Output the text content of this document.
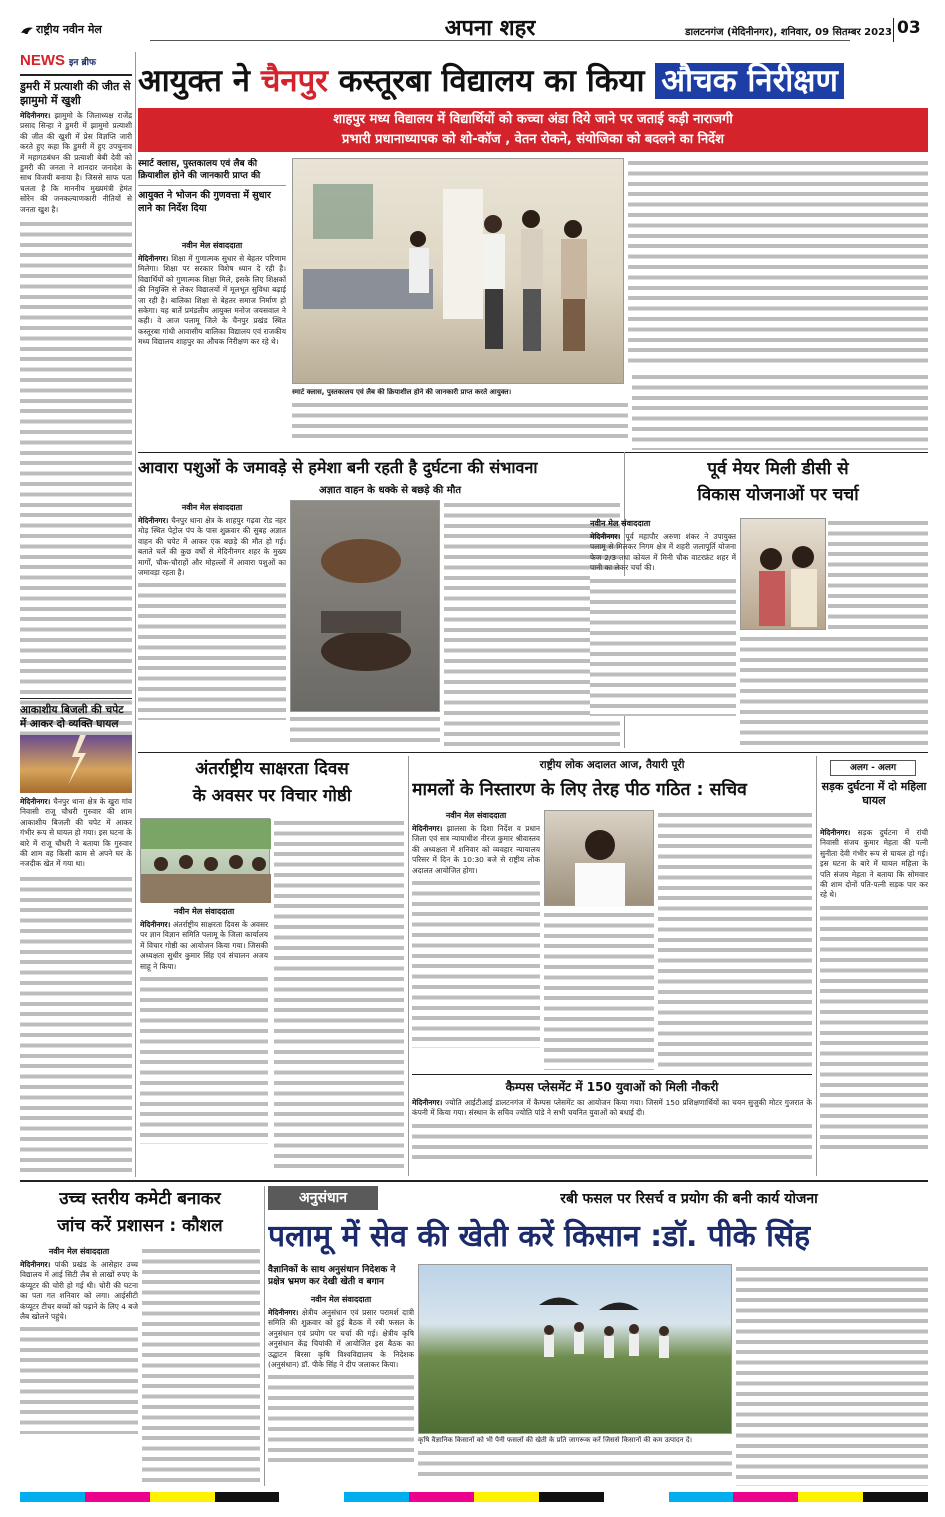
राष्ट्रीय नवीन मेल	अपना शहर	डालटनगंज (मेदिनीनगर), शनिवार, 09 सितम्बर 2023 03
NEWS इन ब्रीफ
डुमरी में प्रत्याशी की जीत से झामुमो में खुशी
मेदिनीनगर। झामुमो के जिलाध्यक्ष राजेंद्र प्रसाद सिन्हा ने डुमरी में झामुमो प्रत्याशी की जीत की खुशी में प्रेस विज्ञप्ति जारी करते हुए कहा कि डुमरी में हुए उपचुनाव में महागठबंधन की प्रत्याशी बेबी देवी को डुमरी की जनता ने शानदार जनादेश के साथ विजयी बनाया है। जिससे साफ पता चलता है कि माननीय मुख्यमंत्री हेमंत सोरेन की जनकल्याणकारी नीतियों से जनता खुश है।
आकाशीय बिजली की चपेट में आकर दो व्यक्ति घायल
मेदिनीनगर। चैनपुर थाना क्षेत्र के खुरा गांव निवासी राजू चौधरी गुरुवार की शाम आकाशीय बिजली की चपेट में आकर गंभीर रूप से घायल हो गया। इस घटना के बारे में राजू चौधरी ने बताया कि गुरुवार की शाम वह किसी काम से अपने घर के नजदीक खेत में गया था।
आयुक्त ने चैनपुर कस्तूरबा विद्यालय का किया औचक निरीक्षण
शाहपुर मध्य विद्यालय में विद्यार्थियों को कच्चा अंडा दिये जाने पर जताई कड़ी नाराजगी
प्रभारी प्रधानाध्यापक को शो-कॉज , वेतन रोकने, संयोजिका को बदलने का निर्देश
स्मार्ट क्लास, पुस्तकालय एवं लैब की क्रियाशील होने की जानकारी प्राप्त की
आयुक्त ने भोजन की गुणवत्ता में सुधार लाने का निर्देश दिया
नवीन मेल संवाददाता
मेदिनीनगर। शिक्षा में गुणात्मक सुधार से बेहतर परिणाम मिलेगा। शिक्षा पर सरकार विशेष ध्यान दे रही है। विद्यार्थियों को गुणात्मक शिक्षा मिले, इसके लिए शिक्षकों की नियुक्ति से लेकर विद्यालयों में मूलभूत सुविधा बढ़ाई जा रही है। बालिका शिक्षा से बेहतर समाज निर्माण हो सकेगा। यह बातें प्रमंडलीय आयुक्त मनोज जयसवाल ने कही। वे आज पलामू जिले के चैनपुर प्रखंड स्थित कस्तूरबा गांधी आवासीय बालिका विद्यालय एवं राजकीय मध्य विद्यालय शाहपुर का औचक निरीक्षण कर रहे थे।
स्मार्ट क्लास, पुस्तकालय एवं लैब की क्रियाशील होने की जानकारी प्राप्त करते आयुक्त।
आवारा पशुओं के जमावड़े से हमेशा बनी रहती है दुर्घटना की संभावना
अज्ञात वाहन के धक्के से बछड़े की मौत
नवीन मेल संवाददाता
मेदिनीनगर। चैनपुर थाना क्षेत्र के शाहपुर गढ़वा रोड नहर मोड़ स्थित पेट्रोल पंप के पास शुक्रवार की सुबह अज्ञात वाहन की चपेट में आकर एक बछड़े की मौत हो गई। बताते चलें की कुछ वर्षों से मेदिनीनगर शहर के मुख्य मार्गों, चौक-चौराहों और मोहल्लों में आवारा पशुओं का जमावड़ा रहता है।
पूर्व मेयर मिली डीसी से
विकास योजनाओं पर चर्चा
नवीन मेल संवाददाता
मेदिनीनगर। पूर्व महापौर अरुणा शंकर ने उपायुक्त पलामू से मिलकर निगम क्षेत्र में शहरी जलापूर्ति योजना फेज 2/3 तथा कोयल में मिनी चौक वाटरफ्रंट शहर में पानी का लेकर चर्चा की।
अंतर्राष्ट्रीय साक्षरता दिवस
के अवसर पर विचार गोष्ठी
नवीन मेल संवाददाता
मेदिनीनगर। अंतर्राष्ट्रीय साक्षरता दिवस के अवसर पर ज्ञान विज्ञान समिति पलामू के जिला कार्यालय में विचार गोष्ठी का आयोजन किया गया। जिसकी अध्यक्षता सुधीर कुमार सिंह एवं संचालन अजय साहू ने किया।
राष्ट्रीय लोक अदालत आज, तैयारी पूरी
मामलों के निस्तारण के लिए तेरह पीठ गठित : सचिव
नवीन मेल संवाददाता
मेदिनीनगर। झालसा के दिशा निर्देश व प्रधान जिला एवं सत्र न्यायाधीश नीरज कुमार श्रीवास्तव की अध्यक्षता में शनिवार को व्यवहार न्यायालय परिसर में दिन के 10:30 बजे से राष्ट्रीय लोक अदालत आयोजित होगा।
अलग - अलग
सड़क दुर्घटना में दो महिला घायल
मेदिनीनगर। सड़क दुर्घटना में रांची निवासी संजय कुमार मेहता की पत्नी सुनीता देवी गंभीर रूप से घायल हो गई। इस घटना के बारे में घायल महिला के पति संजय मेहता ने बताया कि सोमवार की शाम दोनों पति-पत्नी सड़क पार कर रहे थे।
कैम्पस प्लेसमेंट में 150 युवाओं को मिली नौकरी
मेदिनीनगर। ज्योति आईटीआई डालटनगंज में कैम्पस प्लेसमेंट का आयोजन किया गया। जिसमें 150 प्रशिक्षणार्थियों का चयन सुजुकी मोटर गुजरात के कंपनी में किया गया। संस्थान के सचिव ज्योति पांडे ने सभी चयनित युवाओं को बधाई दी।
उच्च स्तरीय कमेटी बनाकर
जांच करें प्रशासन : कौशल
नवीन मेल संवाददाता
मेदिनीनगर। पांकी प्रखंड के आसेहार उच्च विद्यालय में आई सिटी लैब से लाखों रुपए के कंप्यूटर की चोरी हो गई थी। चोरी की घटना का पता गत शनिवार को लगा। आईसीटी कंप्यूटर टीचर बच्चों को पढ़ाने के लिए 4 बजे लैब खोलने पहुंचे।
अनुसंधान	रबी फसल पर रिसर्च व प्रयोग की बनी कार्य योजना
पलामू में सेव की खेती करें किसान :डॉ. पीके सिंह
वैज्ञानिकों के साथ अनुसंधान निदेशक ने प्रक्षेत्र भ्रमण कर देखी खेती व बगान
नवीन मेल संवाददाता
मेदिनीनगर। क्षेत्रीय अनुसंधान एवं प्रसार परामर्श दात्री समिति की शुक्रवार को हुई बैठक में रबी फसल के अनुसंधान एवं प्रयोग पर चर्चा की गई। क्षेत्रीय कृषि अनुसंधान केंद्र चियांकी में आयोजित इस बैठक का उद्घाटन बिरसा कृषि विश्वविद्यालय के निदेशक (अनुसंधान) डॉ. पीके सिंह ने दीप जलाकर किया।
कृषि वैज्ञानिक किसानों को भी पैनी फसलों की खेती के प्रति जागरूक करें जिससे किसानों की कम उत्पादन दें।
